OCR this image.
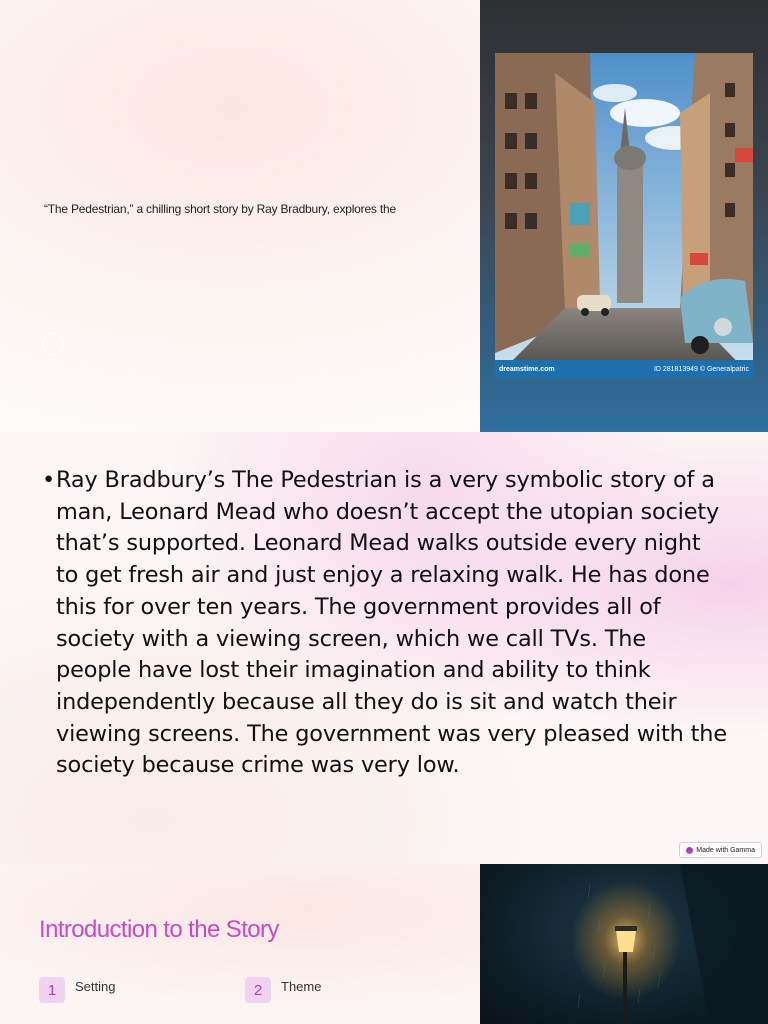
“The Pedestrian,” a chilling short story by Ray Bradbury, explores the
dreamstime.com	ID 281813949 © Generalpatric
• Ray Bradbury’s The Pedestrian is a very symbolic story of a man, Leonard Mead who doesn’t accept the utopian society that’s supported. Leonard Mead walks outside every night to get fresh air and just enjoy a relaxing walk. He has done this for over ten years. The government provides all of society with a viewing screen, which we call TVs. The people have lost their imagination and ability to think independently because all they do is sit and watch their viewing screens. The government was very pleased with the society because crime was very low.
Made with Gamma
Introduction to the Story
1	Setting	2	Theme
